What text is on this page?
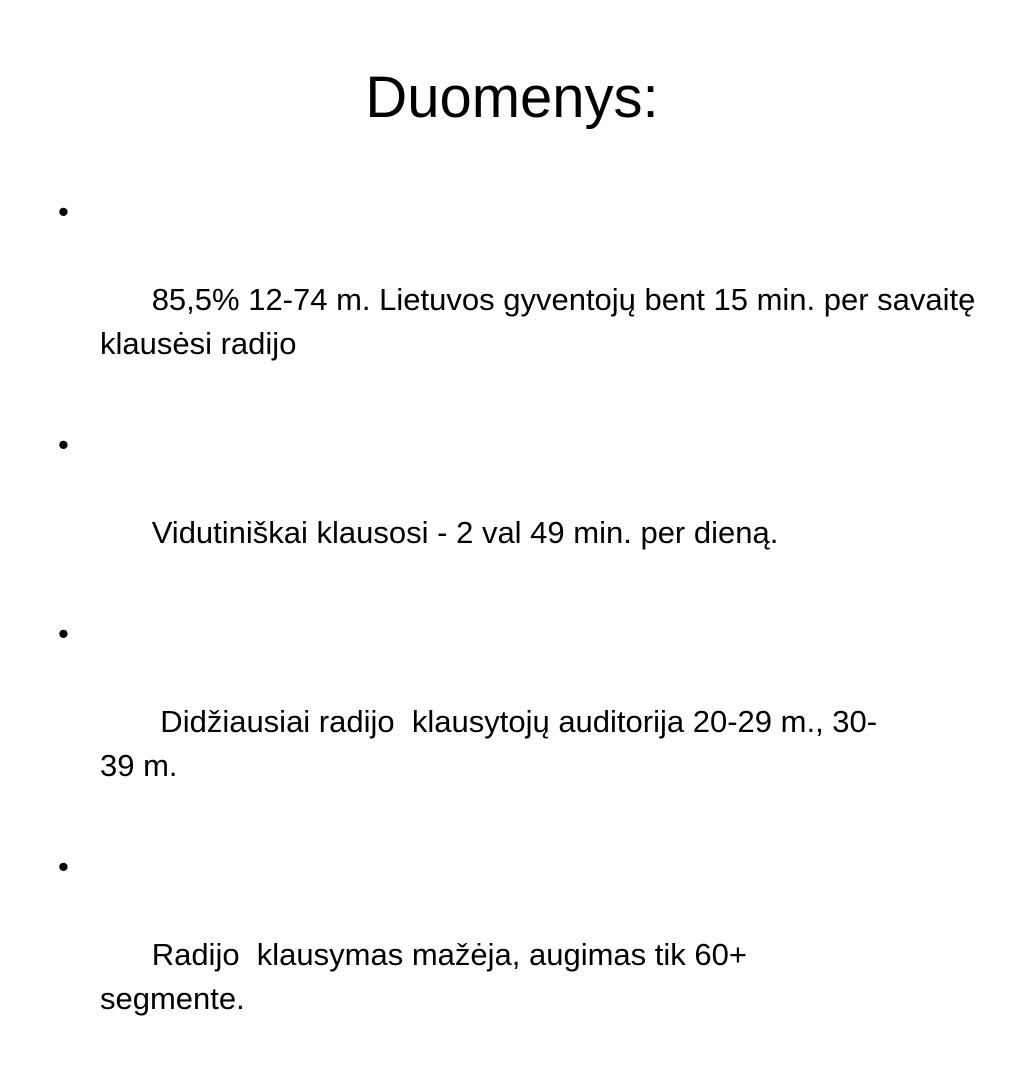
Duomenys:

•

85,5% 12-74 m. Lietuvos gyventojų bent 15 min. per savaitę klausėsi radijo

•

Vidutiniškai klausosi - 2 val 49 min. per dieną.

•

Didžiausiai radijo  klausytojų auditorija 20-29 m., 30-39 m.

•

Radijo  klausymas mažėja, augimas tik 60+ segmente.
